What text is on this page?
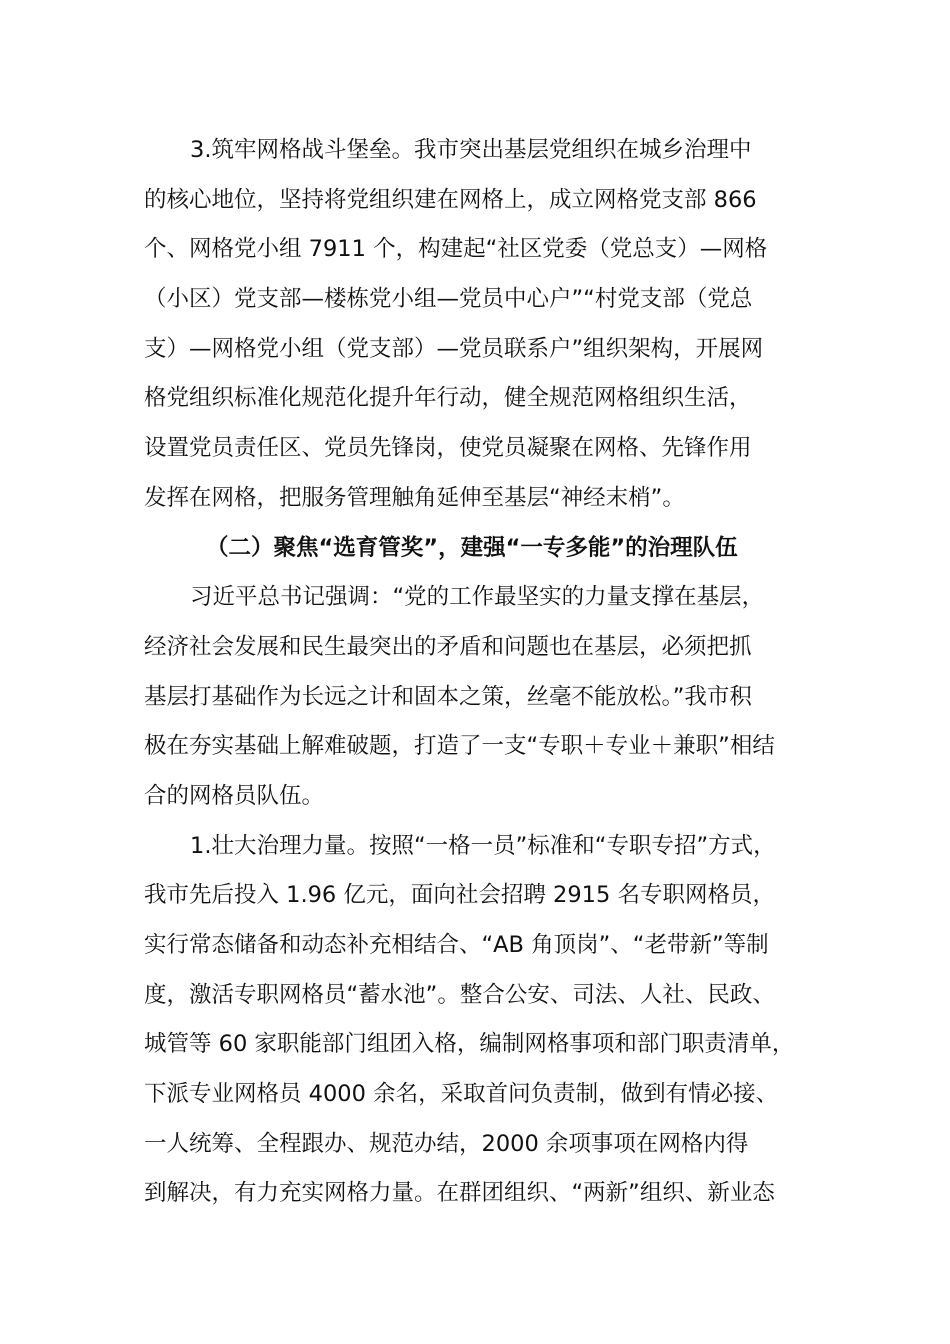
3.筑牢网格战斗堡垒。我市突出基层党组织在城乡治理中
的核心地位，坚持将党组织建在网格上，成立网格党支部 866
个、网格党小组 7911 个，构建起“社区党委（党总支）—网格
（小区）党支部—楼栋党小组—党员中心户”“村党支部（党总
支）—网格党小组（党支部）—党员联系户”组织架构，开展网
格党组织标准化规范化提升年行动，健全规范网格组织生活，
设置党员责任区、党员先锋岗，使党员凝聚在网格、先锋作用
发挥在网格，把服务管理触角延伸至基层“神经末梢”。
（二）聚焦“选育管奖”，建强“一专多能”的治理队伍
习近平总书记强调：“党的工作最坚实的力量支撑在基层，
经济社会发展和民生最突出的矛盾和问题也在基层，必须把抓
基层打基础作为长远之计和固本之策，丝毫不能放松。”我市积
极在夯实基础上解难破题，打造了一支“专职＋专业＋兼职”相结
合的网格员队伍。
1.壮大治理力量。按照“一格一员”标准和“专职专招”方式，
我市先后投入 1.96 亿元，面向社会招聘 2915 名专职网格员，
实行常态储备和动态补充相结合、“AB 角顶岗”、“老带新”等制
度，激活专职网格员“蓄水池”。整合公安、司法、人社、民政、
城管等 60 家职能部门组团入格，编制网格事项和部门职责清单，
下派专业网格员 4000 余名，采取首问负责制，做到有情必接、
一人统筹、全程跟办、规范办结，2000 余项事项在网格内得
到解决，有力充实网格力量。在群团组织、“两新”组织、新业态
